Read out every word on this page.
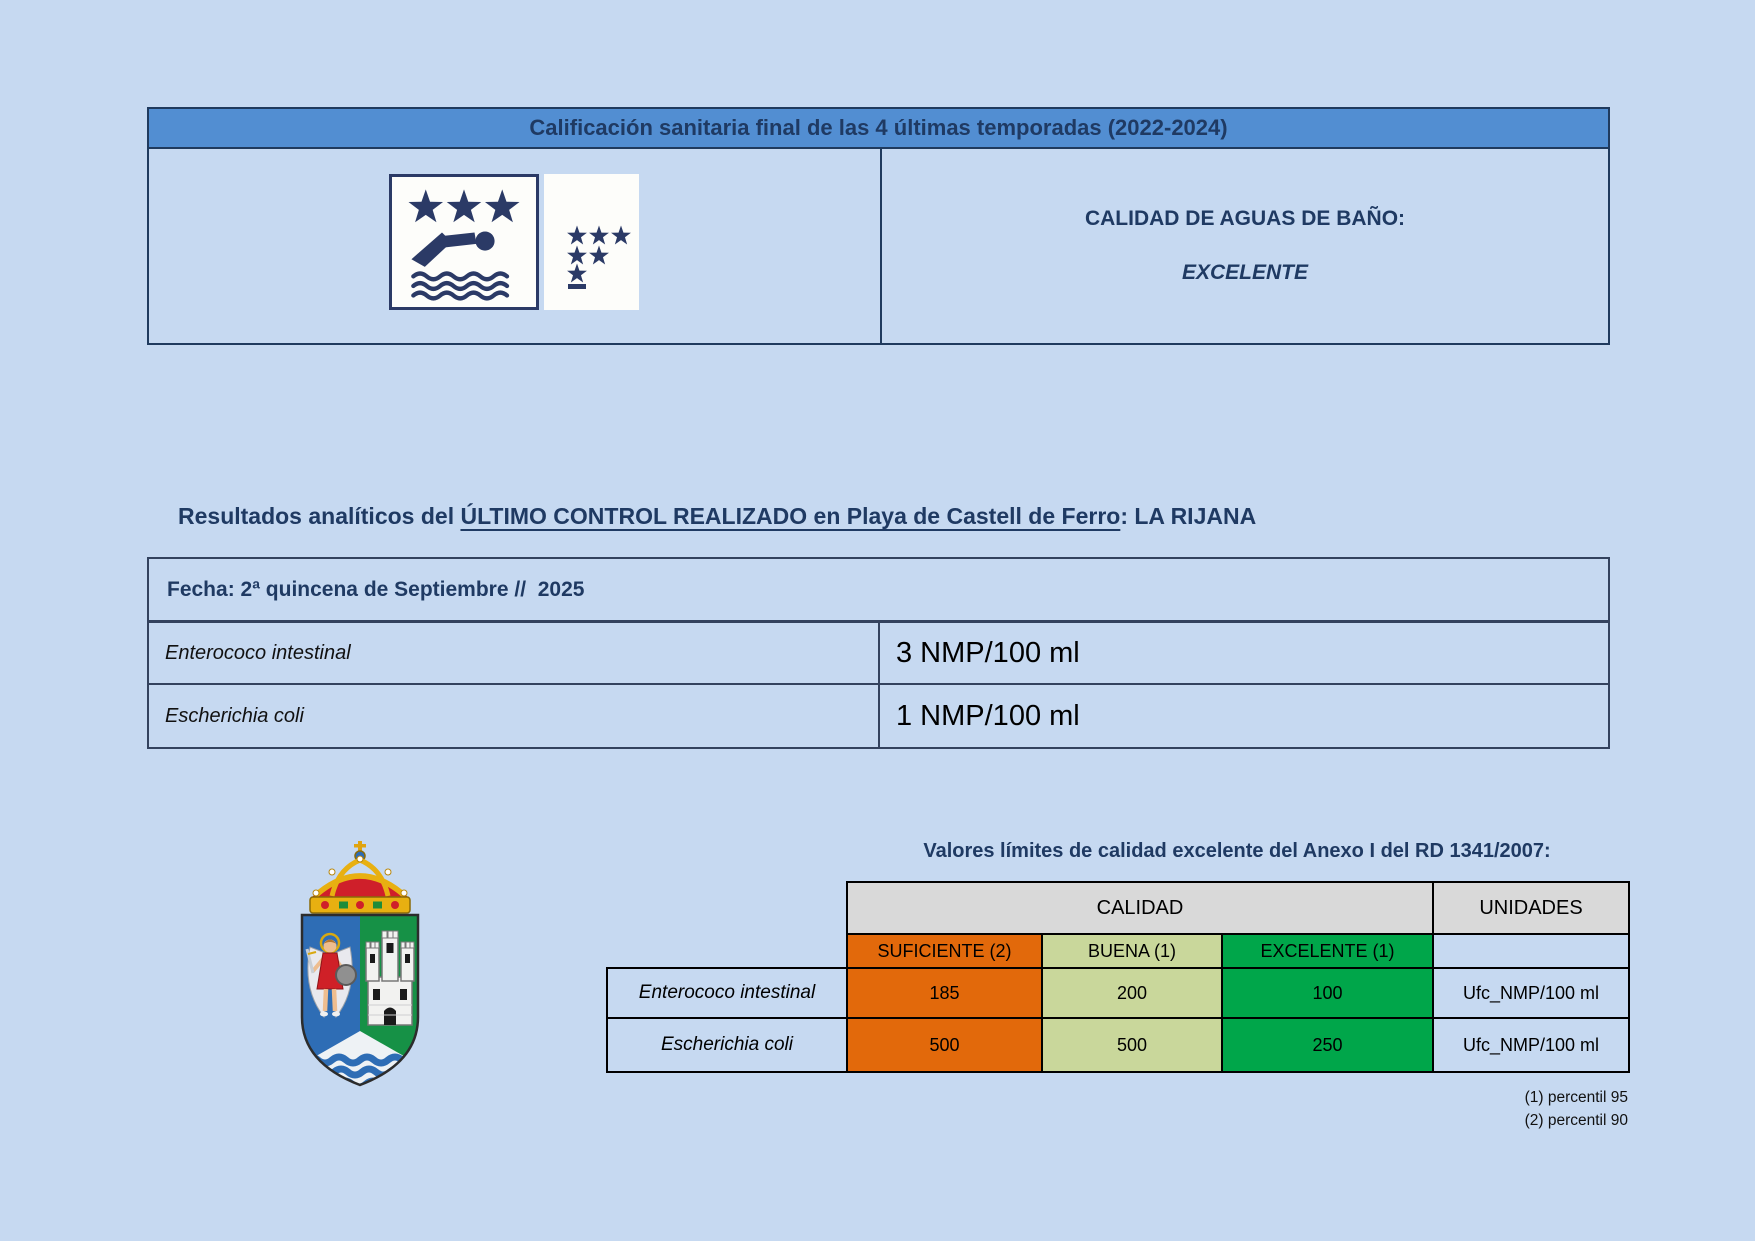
Calificación sanitaria final de las 4 últimas temporadas (2022-2024)
CALIDAD DE AGUAS DE BAÑO:
EXCELENTE
Resultados analíticos del ÚLTIMO CONTROL REALIZADO en Playa de Castell de Ferro: LA RIJANA
Fecha: 2ª quincena de Septiembre //  2025
Enterococo intestinal	3 NMP/100 ml
Escherichia coli	1 NMP/100 ml
Valores límites de calidad excelente del Anexo I del RD 1341/2007:
	CALIDAD			UNIDADES
	SUFICIENTE (2)	BUENA (1)	EXCELENTE (1)	
Enterococo intestinal	185	200	100	Ufc_NMP/100 ml
Escherichia coli	500	500	250	Ufc_NMP/100 ml
(1) percentil 95
(2) percentil 90
